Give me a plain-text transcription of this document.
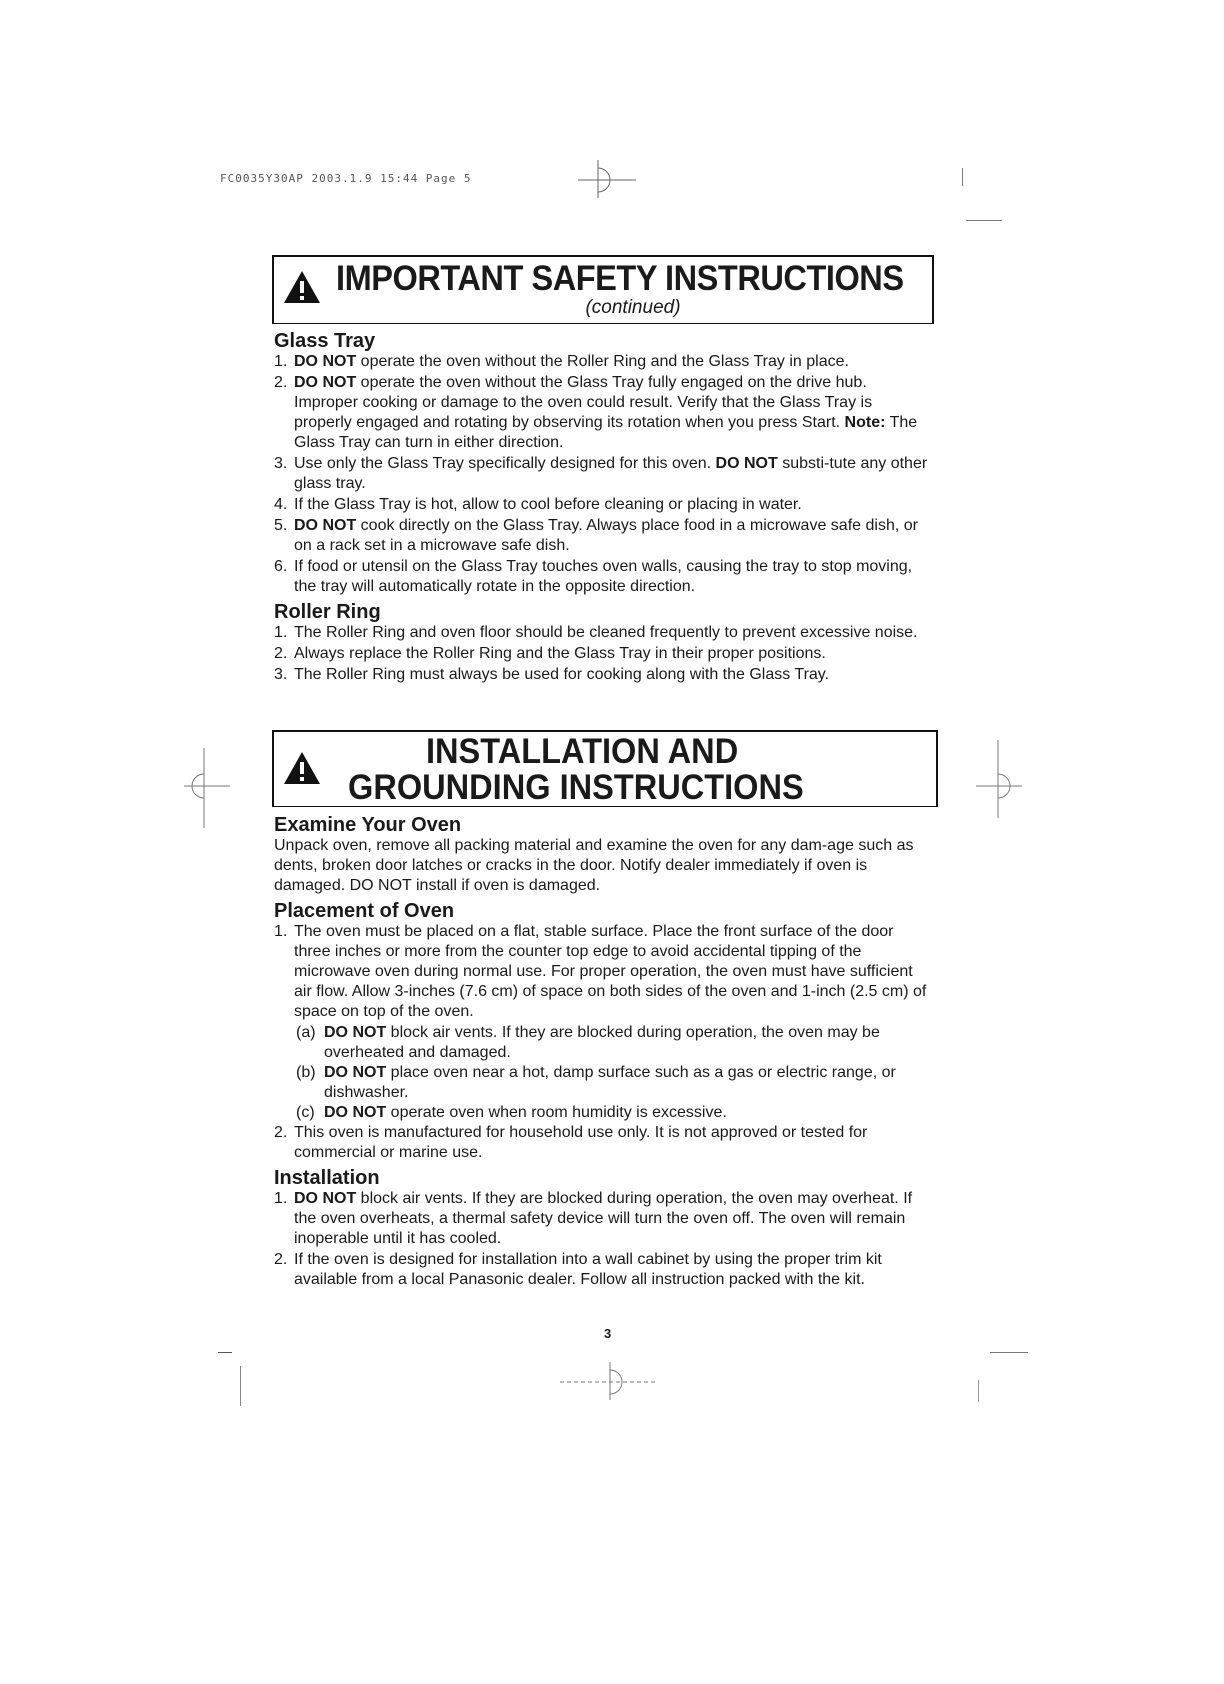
FC0035Y30AP 2003.1.9 15:44 Page 5
IMPORTANT SAFETY INSTRUCTIONS
(continued)
Glass Tray
1. DO NOT operate the oven without the Roller Ring and the Glass Tray in place.
2. DO NOT operate the oven without the Glass Tray fully engaged on the drive hub. Improper cooking or damage to the oven could result. Verify that the Glass Tray is properly engaged and rotating by observing its rotation when you press Start. Note: The Glass Tray can turn in either direction.
3. Use only the Glass Tray specifically designed for this oven. DO NOT substi-tute any other glass tray.
4. If the Glass Tray is hot, allow to cool before cleaning or placing in water.
5. DO NOT cook directly on the Glass Tray. Always place food in a microwave safe dish, or on a rack set in a microwave safe dish.
6. If food or utensil on the Glass Tray touches oven walls, causing the tray to stop moving, the tray will automatically rotate in the opposite direction.
Roller Ring
1. The Roller Ring and oven floor should be cleaned frequently to prevent excessive noise.
2. Always replace the Roller Ring and the Glass Tray in their proper positions.
3. The Roller Ring must always be used for cooking along with the Glass Tray.
INSTALLATION AND
GROUNDING INSTRUCTIONS
Examine Your Oven

Unpack oven, remove all packing material and examine the oven for any dam-age such as dents, broken door latches or cracks in the door. Notify dealer immediately if oven is damaged. DO NOT install if oven is damaged.

Placement of Oven
1. The oven must be placed on a flat, stable surface. Place the front surface of the door three inches or more from the counter top edge to avoid accidental tipping of the microwave oven during normal use. For proper operation, the oven must have sufficient air flow. Allow 3-inches (7.6 cm) of space on both sides of the oven and 1-inch (2.5 cm) of space on top of the oven.
(a) DO NOT block air vents. If they are blocked during operation, the oven may be overheated and damaged.
(b) DO NOT place oven near a hot, damp surface such as a gas or electric range, or dishwasher.
(c) DO NOT operate oven when room humidity is excessive.
2. This oven is manufactured for household use only. It is not approved or tested for commercial or marine use.
Installation
1. DO NOT block air vents. If they are blocked during operation, the oven may overheat. If the oven overheats, a thermal safety device will turn the oven off. The oven will remain inoperable until it has cooled.
2. If the oven is designed for installation into a wall cabinet by using the proper trim kit available from a local Panasonic dealer. Follow all instruction packed with the kit.
3
